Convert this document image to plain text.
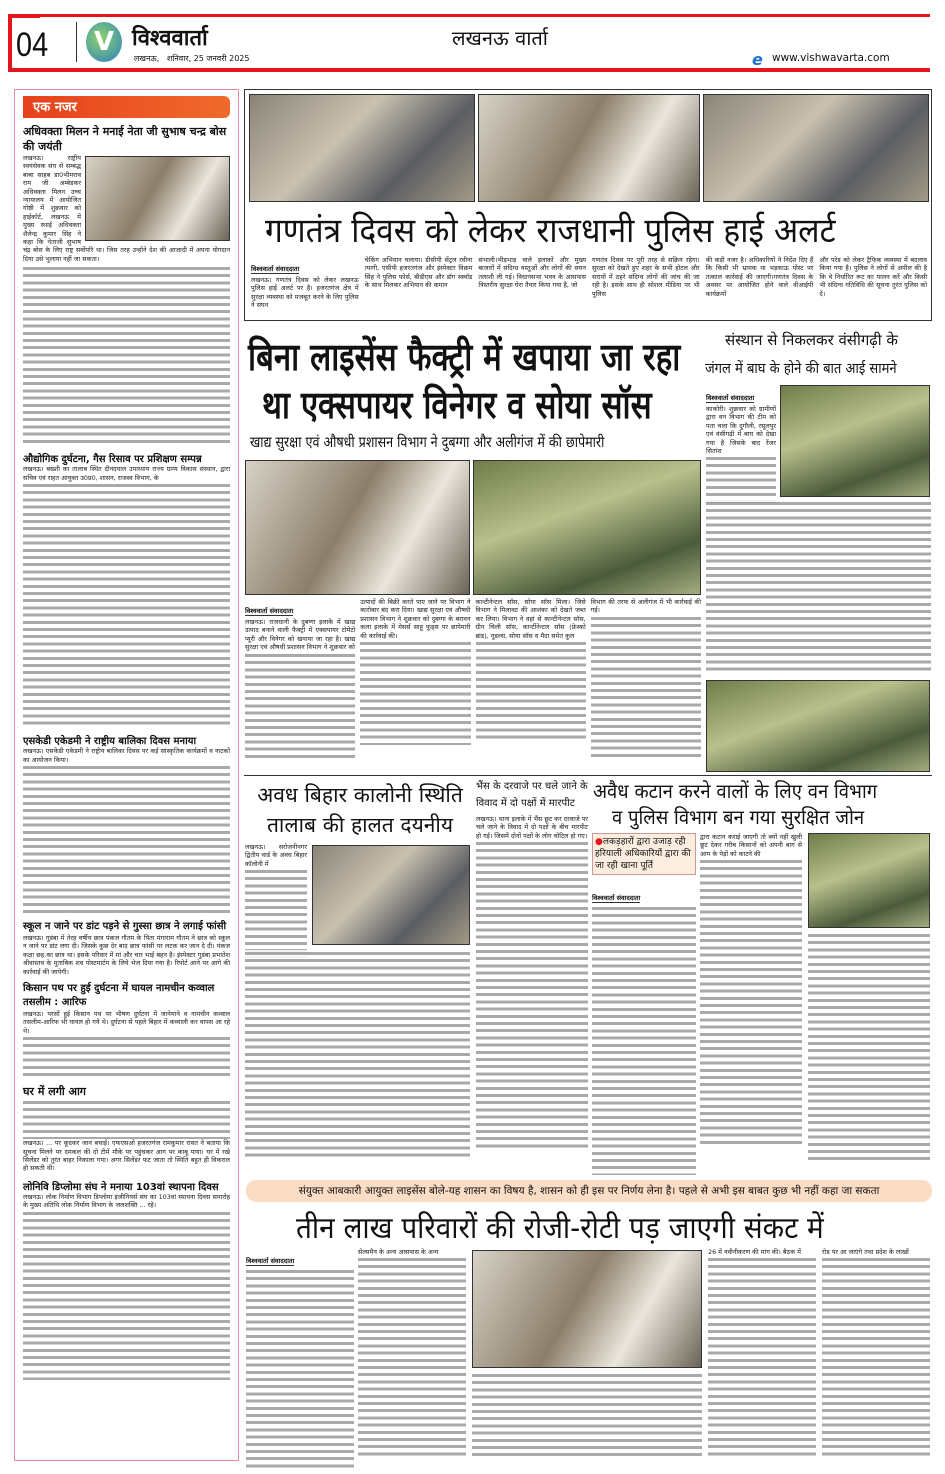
04	V विश्ववार्ता
लखनऊ,   शनिवार, 25 जनवरी 2025
लखनऊ वार्ता
e www.vishwavarta.com
एक नजर
अधिवक्ता मिलन ने मनाई नेता जी सुभाष चन्द्र बोस की जयंती
लखनऊ। राष्ट्रीय स्वयंसेवक संघ से सम्बद्ध बाबा साहब डा0भीमराव राम जी अम्बेडकर अधिवक्ता मिलन उच्च न्यायालय में आयोजित गोष्ठी में शुक्रवार को हाईकोर्ट, लखनऊ में मुख्य स्थाई अधिवक्ता शैलेन्द्र कुमार सिंह ने कहा कि नेताजी सुभाष चंद्र बोस के लिए राष्ट्र सर्वोपरि था। जिस तरह उन्होंने देश की आजादी में अपना योगदान दिया उसे भुलाया नहीं जा सकता।
औद्योगिक दुर्घटना, गैस रिसाव पर प्रशिक्षण सम्पन्न
लखनऊ। बख्शी का तालाब स्थित दीनदयाल उपाध्याय राज्य ग्राम्य विकास संस्थान, द्वारा सचिव एवं राहत आयुक्त उ0प्र0, शासन, राजस्व विभाग, के
एसकेडी एकेडमी ने राष्ट्रीय बालिका दिवस मनाया
लखनऊ। एसकेडी एकेडमी ने राष्ट्रीय बालिका दिवस पर कई सांस्कृतिक कार्यक्रमों व नाटकों का आयोजन किया।
स्कूल न जाने पर डांट पड़ने से गुस्सा छात्र ने लगाई फांसी
लखनऊ। गुडंबा में तेरह वर्षीय छात्र पंकज गौतम के पिता मंगाराम गौतम ने छात्र को स्कूल न जाने पर डांट लगा दी। जिसके कुछ देर बाद छात्र फांसी पर लटक कर जान दे दी। पंकज कक्षा छह का छात्र था। इसके परिवार में मां और चार भाई बहन है। इंस्पेक्टर गुडंबा प्रभातेश श्रीवास्तव के मुताबिक शव पोस्टमार्टम के लिये भेज दिया गया है। रिपोर्ट आने पर आगे की कार्रवाई की जायेगी।
किसान पथ पर हुई दुर्घटना में घायल नामचीन कव्वाल तसलीम : आरिफ
लखनऊ। परसों हुई किसान पथ पर भीषण दुर्घटना में जानेमाने व नामचीन कव्वाल तसलीम-आरिफ भी घायल हो गये थे। दुर्घटना से पहले बिहार में कव्वाली कर वापस आ रहे थे।
घर में लगी आग
लखनऊ। ... पर कूदकर जान बचाई। एफएसओ हजरतगंज रामकुमार रावत ने बताया कि सूचना मिलने पर दमकल की दो टीमें मौके पर पहुंचकर आग पर काबू पाया। घर में रखे सिलेंडर को तुरंत बाहर निकाला गया। अगर सिलेंडर फट जाता तो स्थिति बहुत ही विकराल हो सकती थी।
लोनिवि डिप्लोमा संघ ने मनाया 103वां स्थापना दिवस
लखनऊ। लोक निर्माण विभाग डिप्लोमा इंजीनियर्स संघ का 103वां स्थापना दिवस समारोह के मुख्य अतिथि लोक निर्माण विभाग के जलशक्ति ... रहे।
गणतंत्र दिवस को लेकर राजधानी पुलिस हाई अलर्ट
विश्ववार्ता संवाददाता
लखनऊ। गणतंत्र दिवस को लेकर लखनऊ पुलिस हाई अलर्ट पर है। हजरतगंज क्षेत्र में सुरक्षा व्यवस्था को मजबूत करने के लिए पुलिस ने सघन
चेकिंग अभियान चलाया। डीसीपी सेंट्रल रवीना त्यागी, एसीपी हजरतगंज और इंस्पेक्टर विक्रम सिंह ने पुलिस फोर्स, बीडीएस और डॉग स्क्वॉड के साथ मिलकर अभियान की कमान
संभाली।भीड़भाड़ वाले इलाकों और मुख्य बाजारों में संदिग्ध वस्तुओं और लोगों की सघन तलाशी ली गई। विधानसभा भवन के आसपास त्रिस्तरीय सुरक्षा घेरा तैयार किया गया है, जो
गणतंत्र दिवस पर पूरी तरह से सक्रिय रहेगा।सुरक्षा को देखते हुए शहर के सभी होटल और सरायों में ठहरे संदिग्ध लोगों की जांच की जा रही है। इसके साथ ही सोशल मीडिया पर भी पुलिस
की कड़ी नजर है। अधिकारियों ने निर्देश दिए हैं कि किसी भी भ्रामक या भड़काऊ पोस्ट पर तत्काल कार्रवाई की जाएगी।गणतंत्र दिवस के अवसर पर आयोजित होने वाले वीआईपी कार्यक्रमों
और परेड को लेकर ट्रैफिक व्यवस्था में बदलाव किया गया है। पुलिस ने लोगों से अपील की है कि वे निर्धारित रूट का पालन करें और किसी भी संदिग्ध गतिविधि की सूचना तुरंत पुलिस को दें।
बिना लाइसेंस फैक्ट्री में खपाया जा रहा
था एक्सपायर विनेगर व सोया सॉस
खाद्य सुरक्षा एवं औषधी प्रशासन विभाग ने दुबग्गा और अलीगंज में की छापेमारी
विश्ववार्ता संवाददाता
लखनऊ। राजधानी के दुबग्गा इलाके में खाद्य उत्पाद बनाने वाली फैक्ट्री में एक्सपायर टोमेटो प्यूरी और विनेगर को खपाया जा रहा है। खाद्य सुरक्षा एवं औषधी प्रशासन विभाग ने शुक्रवार को
उत्पादों की बिक्री करते पाए जाने पर विभाग ने कारोबार बंद करा दिया। खाद्य सुरक्षा एवं औषधी प्रशासन विभाग ने शुक्रवार को दुबग्गा के बरावन कला इलाके में मेसर्स साहू फूड्स पर छापेमारी की कार्रवाई की।
कान्टीनेन्टल सॉस, सोया सॉस मिला। जिसे विभाग ने मिलावट की आशंका को देखते जब्त कर लिया। विभाग ने वहां से कान्टीनेन्टल सॉस, ग्रीन चिली सॉस, कार्न्टीनेन्टल सॉस (फ्रेस्को ब्रांड), नूडल्स, सोया सॉस व मैदा समेत कुल
विभाग की तरफ से अलीगंज में भी कार्रवाई की गई।
संस्थान से निकलकर वंसीगढ़ी के
जंगल में बाघ के होने की बात आई सामने
विश्ववार्ता संवाददाता
काकोरी। शुक्रवार को ग्रामीणों द्वारा वन विभाग की टीम को पता चला कि दुगौली, रसूलपुर एवं वंसीगढ़ी में बाघ को देखा गया है जिसके बाद रेंजर सितांश
अवध बिहार कालोनी स्थिति तालाब की हालत दयनीय
लखनऊ। सरोजनीनगर द्वितीय वार्ड के अवध बिहार कॉलोनी में
भैंस के दरवाजे पर चले जाने के विवाद में दो पक्षों में मारपीट
लखनऊ। थाना इलाके में भैंस छूट कर दरवाजे पर चले जाने के विवाद में दो पक्षों के बीच मारपीट हो गई। जिसमें दोनों पक्षों के लोग चोटिल हो गए।
अवैध कटान करने वालों के लिए वन विभाग
व पुलिस विभाग बन गया सुरक्षित जोन
●लकड़हारों द्वारा उजाड़ रही हरियाली अधिकारियों द्वारा की जा रही खाना पूर्ति
विश्ववार्ता संवाददाता
द्वारा कटान कराई जाएगी तो क्यों नहीं खुली छूट देकर गरीब किसानों को अपनी बाग से आम के पेड़ों को काटने की
संयुक्त आबकारी आयुक्त लाइसेंस बोले-यह शासन का विषय है, शासन को ही इस पर निर्णय लेना है। पहले से अभी इस बाबत कुछ भी नहीं कहा जा सकता
तीन लाख परिवारों की रोजी-रोटी पड़ जाएगी संकट में
विश्ववार्ता संवाददाता
सेल्समैन के अन्य आसपास के अन्य	26 में नवीनीकरण की मांग की। बैठक में	रोड पर आ जाएंगे तथा प्रदेश के लाखों
